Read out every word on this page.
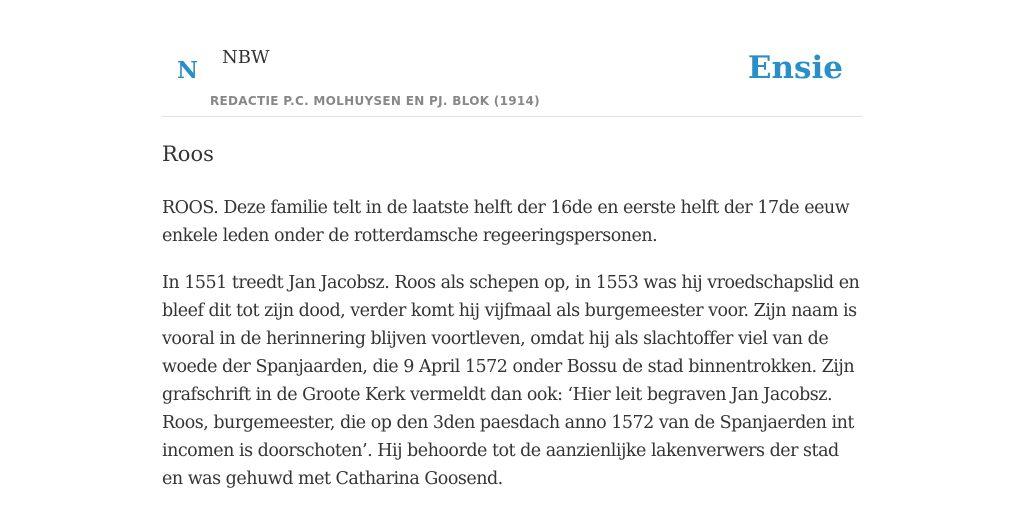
N NBW
REDACTIE P.C. MOLHUYSEN EN PJ. BLOK (1914)
Ensie
Roos

ROOS. Deze familie telt in de laatste helft der 16de en eerste helft der 17de eeuw enkele leden onder de rotterdamsche regeeringspersonen.

In 1551 treedt Jan Jacobsz. Roos als schepen op, in 1553 was hij vroedschapslid en bleef dit tot zijn dood, verder komt hij vijfmaal als burgemeester voor. Zijn naam is vooral in de herinnering blijven voortleven, omdat hij als slachtoffer viel van de woede der Spanjaarden, die 9 April 1572 onder Bossu de stad binnentrokken. Zijn grafschrift in de Groote Kerk vermeldt dan ook: ‘Hier leit begraven Jan Jacobsz. Roos, burgemeester, die op den 3den paesdach anno 1572 van de Spanjaerden int incomen is doorschoten’. Hij behoorde tot de aanzienlijke lakenverwers der stad en was gehuwd met Catharina Goosend.
